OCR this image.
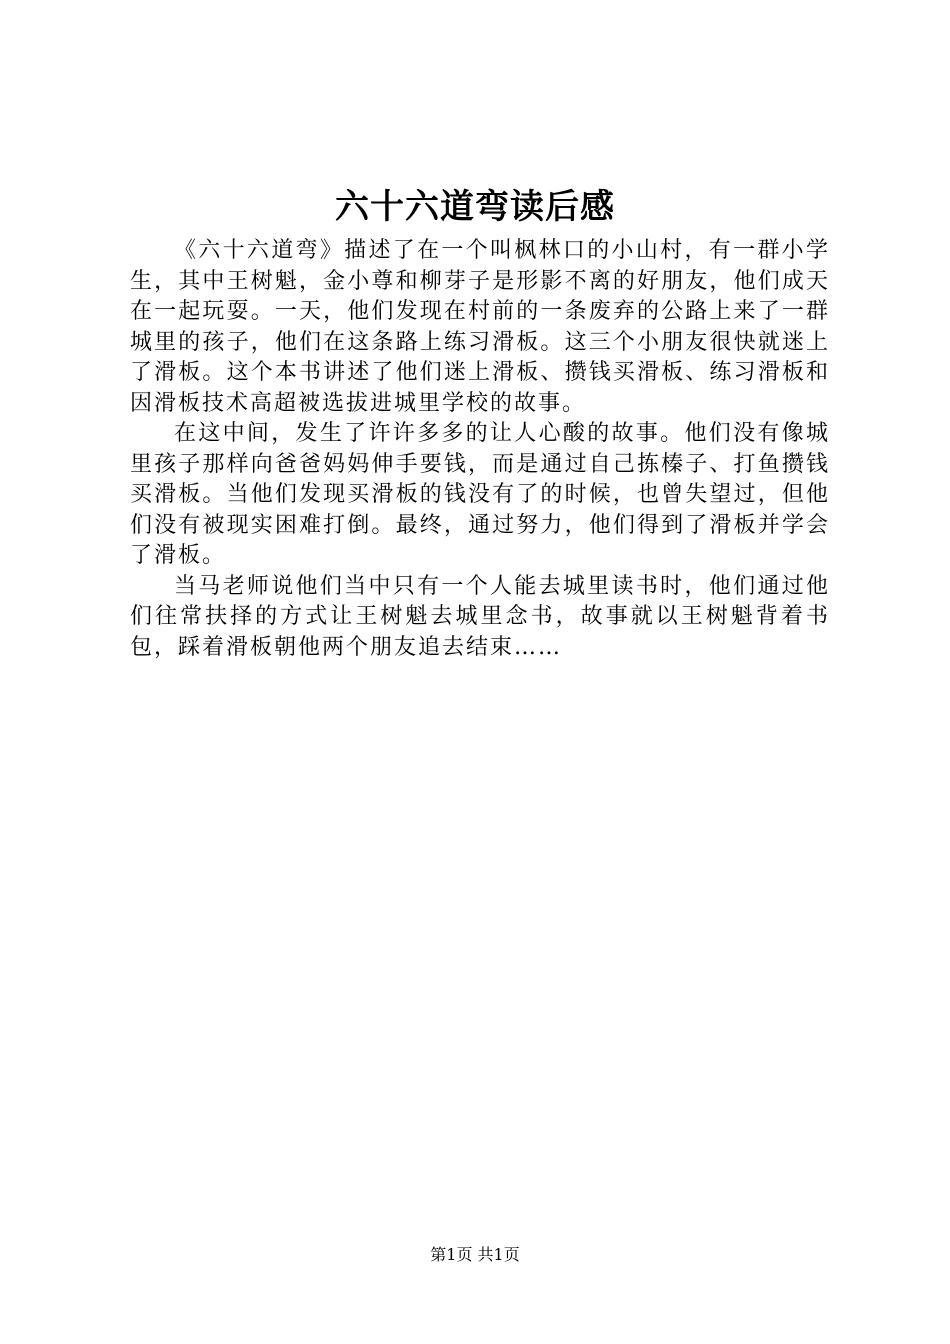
六十六道弯读后感

《六十六道弯》描述了在一个叫枫林口的小山村，有一群小学生，其中王树魁，金小尊和柳芽子是形影不离的好朋友，他们成天在一起玩耍。一天，他们发现在村前的一条废弃的公路上来了一群城里的孩子，他们在这条路上练习滑板。这三个小朋友很快就迷上了滑板。这个本书讲述了他们迷上滑板、攒钱买滑板、练习滑板和因滑板技术高超被选拔进城里学校的故事。

在这中间，发生了许许多多的让人心酸的故事。他们没有像城里孩子那样向爸爸妈妈伸手要钱，而是通过自己拣榛子、打鱼攒钱买滑板。当他们发现买滑板的钱没有了的时候，也曾失望过，但他们没有被现实困难打倒。最终，通过努力，他们得到了滑板并学会了滑板。

当马老师说他们当中只有一个人能去城里读书时，他们通过他们往常扶择的方式让王树魁去城里念书，故事就以王树魁背着书包，踩着滑板朝他两个朋友追去结束……

第1页 共1页
